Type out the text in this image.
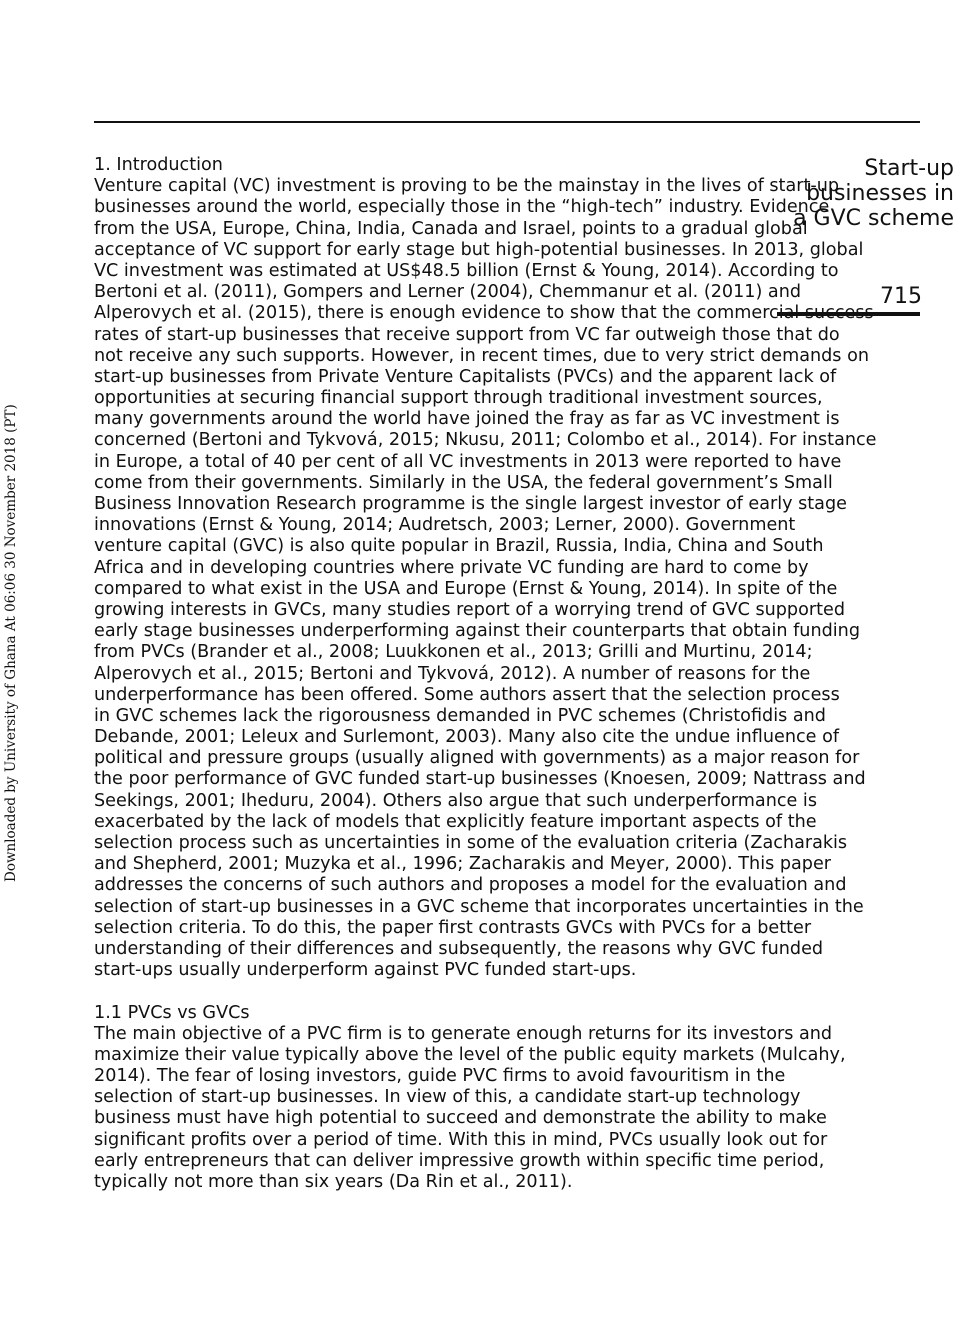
Downloaded by University of Ghana At 06:06 30 November 2018 (PT)
Start-up
businesses in
a GVC scheme
715
1. Introduction
Venture capital (VC) investment is proving to be the mainstay in the lives of start-up
businesses around the world, especially those in the “high-tech” industry. Evidence
from the USA, Europe, China, India, Canada and Israel, points to a gradual global
acceptance of VC support for early stage but high-potential businesses. In 2013, global
VC investment was estimated at US$48.5 billion (Ernst & Young, 2014). According to
Bertoni et al. (2011), Gompers and Lerner (2004), Chemmanur et al. (2011) and
Alperovych et al. (2015), there is enough evidence to show that the commercial success
rates of start-up businesses that receive support from VC far outweigh those that do
not receive any such supports. However, in recent times, due to very strict demands on
start-up businesses from Private Venture Capitalists (PVCs) and the apparent lack of
opportunities at securing financial support through traditional investment sources,
many governments around the world have joined the fray as far as VC investment is
concerned (Bertoni and Tykvová, 2015; Nkusu, 2011; Colombo et al., 2014). For instance
in Europe, a total of 40 per cent of all VC investments in 2013 were reported to have
come from their governments. Similarly in the USA, the federal government’s Small
Business Innovation Research programme is the single largest investor of early stage
innovations (Ernst & Young, 2014; Audretsch, 2003; Lerner, 2000). Government
venture capital (GVC) is also quite popular in Brazil, Russia, India, China and South
Africa and in developing countries where private VC funding are hard to come by
compared to what exist in the USA and Europe (Ernst & Young, 2014). In spite of the
growing interests in GVCs, many studies report of a worrying trend of GVC supported
early stage businesses underperforming against their counterparts that obtain funding
from PVCs (Brander et al., 2008; Luukkonen et al., 2013; Grilli and Murtinu, 2014;
Alperovych et al., 2015; Bertoni and Tykvová, 2012). A number of reasons for the
underperformance has been offered. Some authors assert that the selection process
in GVC schemes lack the rigorousness demanded in PVC schemes (Christofidis and
Debande, 2001; Leleux and Surlemont, 2003). Many also cite the undue influence of
political and pressure groups (usually aligned with governments) as a major reason for
the poor performance of GVC funded start-up businesses (Knoesen, 2009; Nattrass and
Seekings, 2001; Iheduru, 2004). Others also argue that such underperformance is
exacerbated by the lack of models that explicitly feature important aspects of the
selection process such as uncertainties in some of the evaluation criteria (Zacharakis
and Shepherd, 2001; Muzyka et al., 1996; Zacharakis and Meyer, 2000). This paper
addresses the concerns of such authors and proposes a model for the evaluation and
selection of start-up businesses in a GVC scheme that incorporates uncertainties in the
selection criteria. To do this, the paper first contrasts GVCs with PVCs for a better
understanding of their differences and subsequently, the reasons why GVC funded
start-ups usually underperform against PVC funded start-ups.
1.1 PVCs vs GVCs
The main objective of a PVC firm is to generate enough returns for its investors and
maximize their value typically above the level of the public equity markets (Mulcahy,
2014). The fear of losing investors, guide PVC firms to avoid favouritism in the
selection of start-up businesses. In view of this, a candidate start-up technology
business must have high potential to succeed and demonstrate the ability to make
significant profits over a period of time. With this in mind, PVCs usually look out for
early entrepreneurs that can deliver impressive growth within specific time period,
typically not more than six years (Da Rin et al., 2011).
